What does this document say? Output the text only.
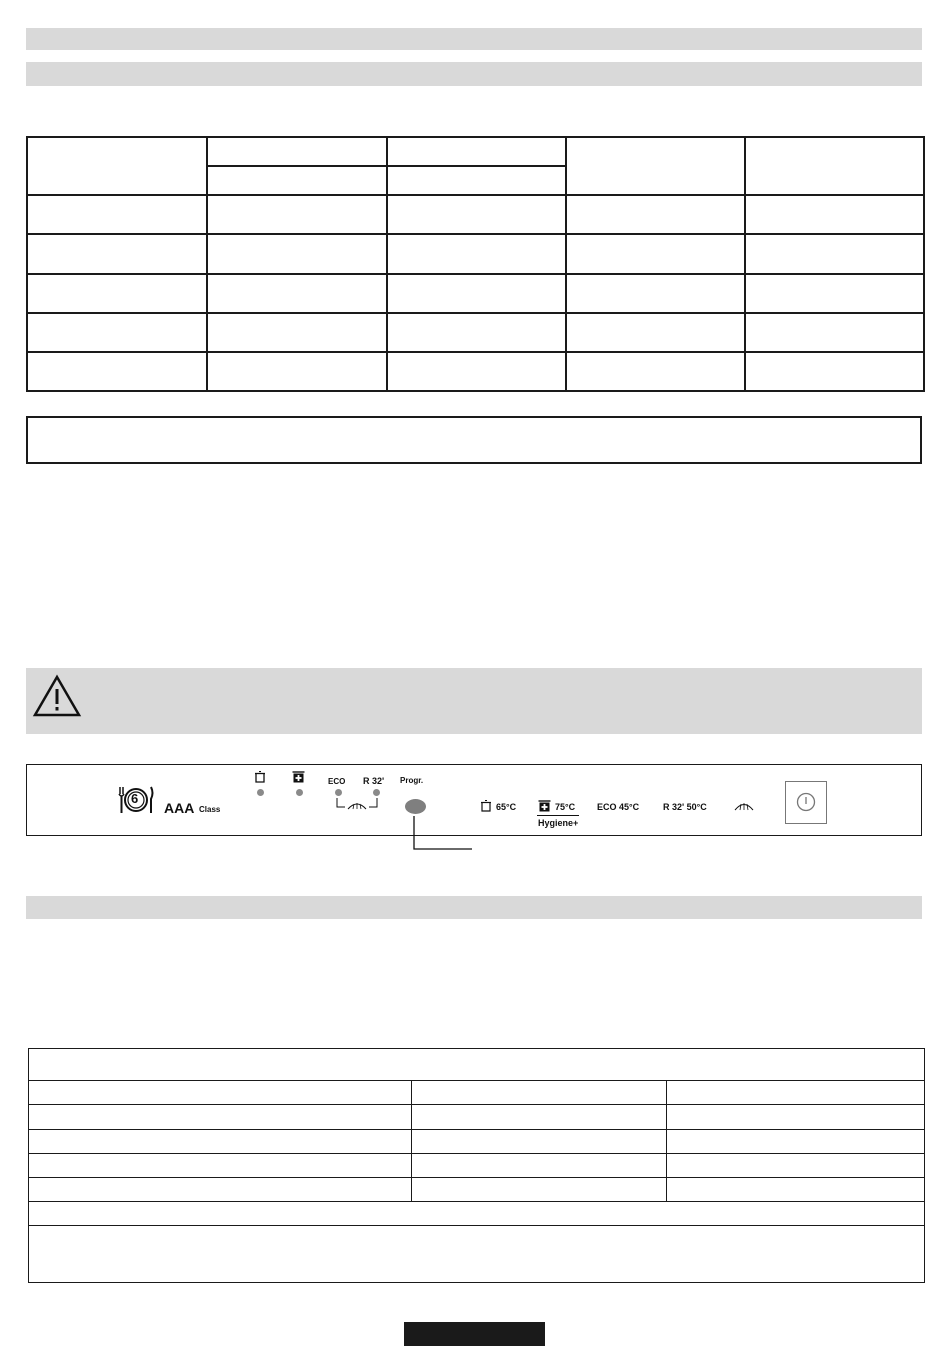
6
AAA Class
ECO R 32' Progr.
65°C	75°C
Hygiene+
ECO 45°C	R 32' 50°C
